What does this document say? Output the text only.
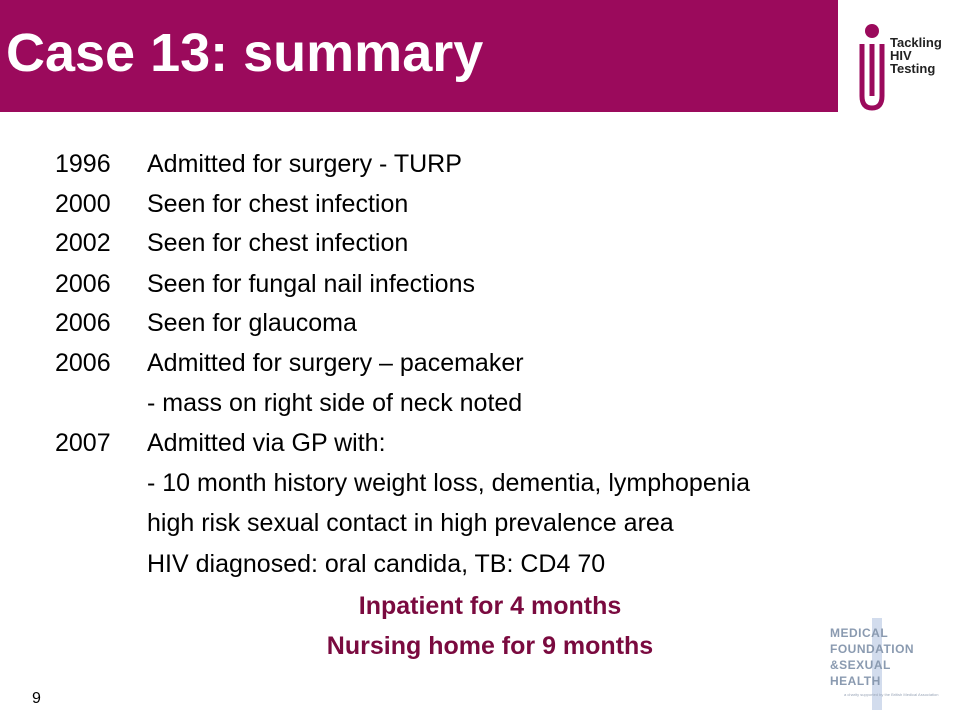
Case 13: summary	Tackling
HIV
Testing
1996 Admitted for surgery - TURP
2000 Seen for chest infection
2002 Seen for chest infection
2006 Seen for fungal nail infections
2006 Seen for glaucoma
2006 Admitted for surgery – pacemaker
- mass on right side of neck noted
2007 Admitted via GP with:
- 10 month history weight loss, dementia, lymphopenia
high risk sexual contact in high prevalence area
HIV diagnosed: oral candida, TB: CD4 70
Inpatient for 4 months
Nursing home for 9 months	MEDICAL
FOUNDATION
&SEXUAL
HEALTH
a charity supported by the British Medical Association
9
